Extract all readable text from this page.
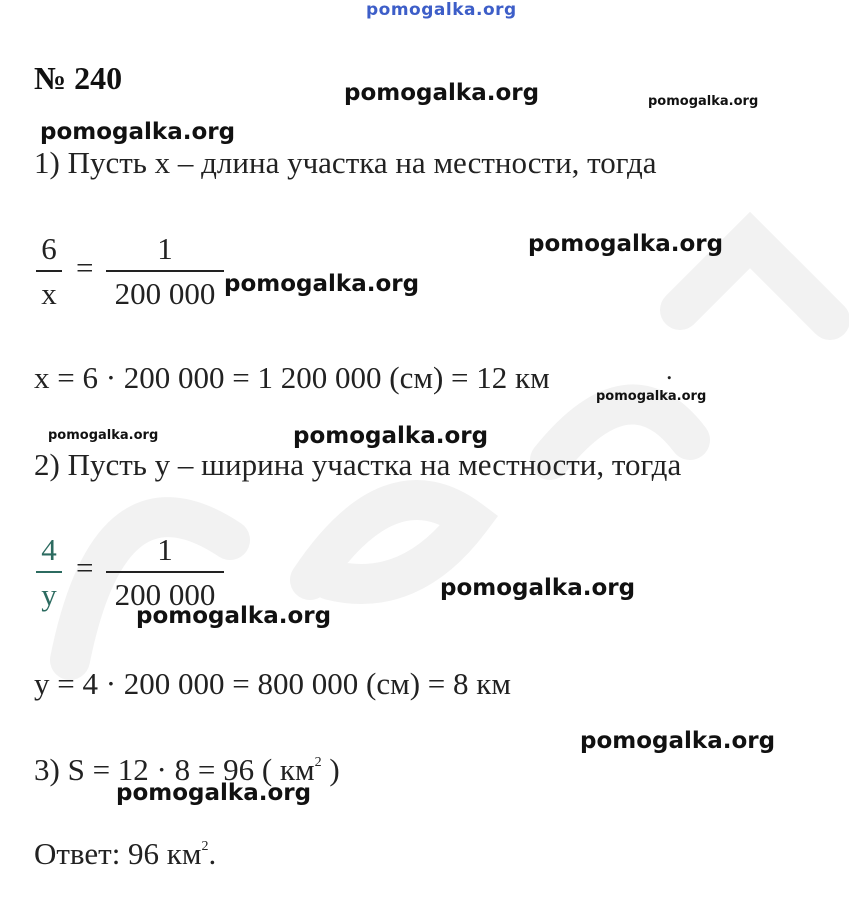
pomogalka.org
pomogalka.org	pomogalka.org
pomogalka.org
pomogalka.org
pomogalka.org
pomogalka.org
pomogalka.org	pomogalka.org
pomogalka.org
pomogalka.org
pomogalka.org
pomogalka.org
№ 240
1) Пусть x – длина участка на местности, тогда
6
x
=
1
200 000
x = 6 · 200 000 = 1 200 000 (см) = 12 км	.
2) Пусть y – ширина участка на местности, тогда
4
y
=
1
200 000
y = 4 · 200 000 = 800 000 (см) = 8 км
3) S = 12 · 8 = 96 ( $км^2$ )
Ответ: 96 $км^2$.
